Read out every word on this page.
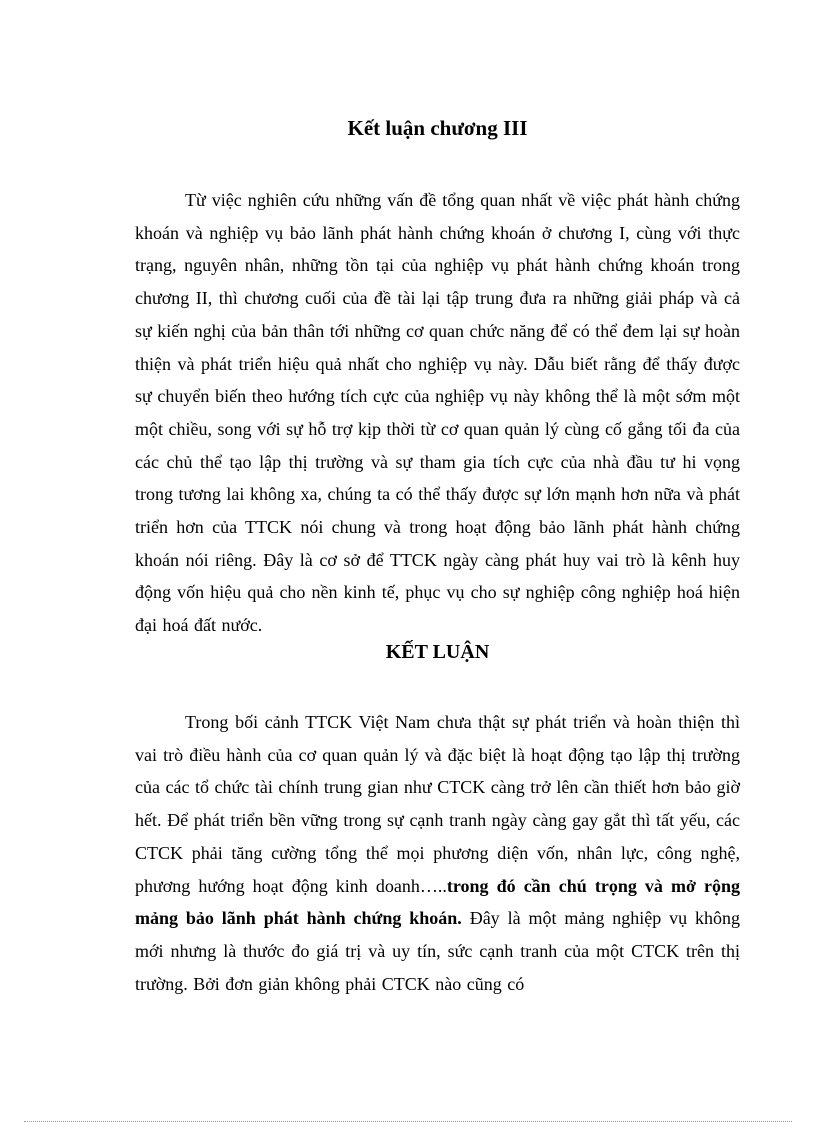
Kết luận chương III

Từ việc nghiên cứu những vấn đề tổng quan nhất về việc phát hành chứng khoán và nghiệp vụ bảo lãnh phát hành chứng khoán ở chương I, cùng với thực trạng, nguyên nhân, những tồn tại của nghiệp vụ phát hành chứng khoán trong chương II, thì chương cuối của đề tài lại tập trung đưa ra những giải pháp và cả sự kiến nghị của bản thân tới những cơ quan chức năng để có thể đem lại sự hoàn thiện và phát triển hiệu quả nhất cho nghiệp vụ này. Dẫu biết rằng để thấy được sự chuyển biến theo hướng tích cực của nghiệp vụ này không thể là một sớm một một chiều, song với sự hỗ trợ kịp thời từ cơ quan quản lý cùng cố gắng tối đa của các chủ thể tạo lập thị trường và sự tham gia tích cực của nhà đầu tư hi vọng trong tương lai không xa, chúng ta có thể thấy được sự lớn mạnh hơn nữa và phát triển hơn của TTCK nói chung và trong hoạt động bảo lãnh phát hành chứng khoán nói riêng. Đây là cơ sở để TTCK ngày càng phát huy vai trò là kênh huy động vốn hiệu quả cho nền kinh tế, phục vụ cho sự nghiệp công nghiệp hoá hiện đại hoá đất nước.

KẾT LUẬN

Trong bối cảnh TTCK Việt Nam chưa thật sự phát triển và hoàn thiện thì vai trò điều hành của cơ quan quản lý và đặc biệt là hoạt động tạo lập thị trường của các tổ chức tài chính trung gian như CTCK càng trở lên cần thiết hơn bảo giờ hết. Để phát triển bền vững trong sự cạnh tranh ngày càng gay gắt thì tất yếu, các CTCK phải tăng cường tổng thể mọi phương diện vốn, nhân lực, công nghệ, phương hướng hoạt động kinh doanh…..trong đó cần chú trọng và mở rộng mảng bảo lãnh phát hành chứng khoán. Đây là một mảng nghiệp vụ không mới nhưng là thước đo giá trị và uy tín, sức cạnh tranh của một CTCK trên thị trường. Bởi đơn giản không phải CTCK nào cũng có
